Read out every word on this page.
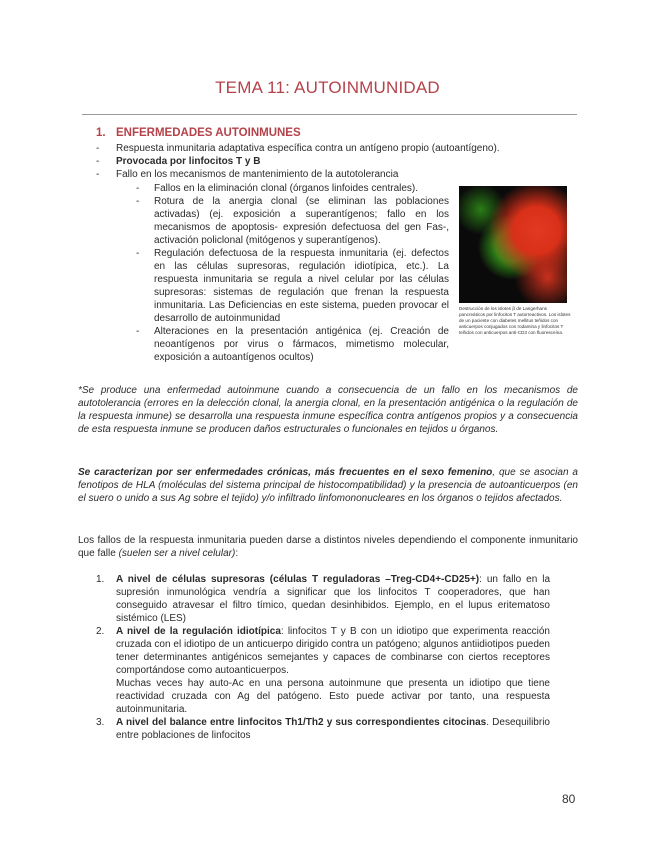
TEMA 11: AUTOINMUNIDAD
1. ENFERMEDADES AUTOINMUNES
- Respuesta inmunitaria adaptativa específica contra un antígeno propio (autoantígeno).
- Provocada por linfocitos T y B
- Fallo en los mecanismos de mantenimiento de la autotolerancia
- Fallos en la eliminación clonal (órganos linfoides centrales).
- Rotura de la anergia clonal (se eliminan las poblaciones activadas) (ej. exposición a superantígenos; fallo en los mecanismos de apoptosis- expresión defectuosa del gen Fas-, activación policlonal (mitógenos y superantígenos).
- Regulación defectuosa de la respuesta inmunitaria (ej. defectos en las células supresoras, regulación idiotípica, etc.). La respuesta inmunitaria se regula a nivel celular por las células supresoras: sistemas de regulación que frenan la respuesta inmunitaria. Las Deficiencias en este sistema, pueden provocar el desarrollo de autoinmunidad
- Alteraciones en la presentación antigénica (ej. Creación de neoantígenos por virus o fármacos, mimetismo molecular, exposición a autoantígenos ocultos)
Destrucción de los islotes β de Langerhans pancreáticos por linfocitos T autorreactivos. Los islotes de un paciente con diabetes mellitus teñidos con anticuerpos conjugados con rodamina y linfocitos T teñidos con anticuerpos anti-CD3 con fluoresceína.

*Se produce una enfermedad autoinmune cuando a consecuencia de un fallo en los mecanismos de autotolerancia (errores en la delección clonal, la anergia clonal, en la presentación antigénica o la regulación de la respuesta inmune) se desarrolla una respuesta inmune específica contra antígenos propios y a consecuencia de esta respuesta inmune se producen daños estructurales o funcionales en tejidos u órganos.

Se caracterizan por ser enfermedades crónicas, más frecuentes en el sexo femenino, que se asocian a fenotipos de HLA (moléculas del sistema principal de histocompatibilidad) y la presencia de autoanticuerpos (en el suero o unido a sus Ag sobre el tejido) y/o infiltrado linfomononucleares en los órganos o tejidos afectados.

Los fallos de la respuesta inmunitaria pueden darse a distintos niveles dependiendo el componente inmunitario que falle (suelen ser a nivel celular):

1. A nivel de células supresoras (células T reguladoras –Treg-CD4+-CD25+): un fallo en la supresión inmunológica vendría a significar que los linfocitos T cooperadores, que han conseguido atravesar el filtro tímico, quedan desinhibidos. Ejemplo, en el lupus eritematoso sistémico (LES)
2. A nivel de la regulación idiotípica: linfocitos T y B con un idiotipo que experimenta reacción cruzada con el idiotipo de un anticuerpo dirigido contra un patógeno; algunos antiidiotipos pueden tener determinantes antigénicos semejantes y capaces de combinarse con ciertos receptores comportándose como autoanticuerpos.
Muchas veces hay auto-Ac en una persona autoinmune que presenta un idiotipo que tiene reactividad cruzada con Ag del patógeno. Esto puede activar por tanto, una respuesta autoinmunitaria.
3. A nivel del balance entre linfocitos Th1/Th2 y sus correspondientes citocinas. Desequilibrio entre poblaciones de linfocitos
80
